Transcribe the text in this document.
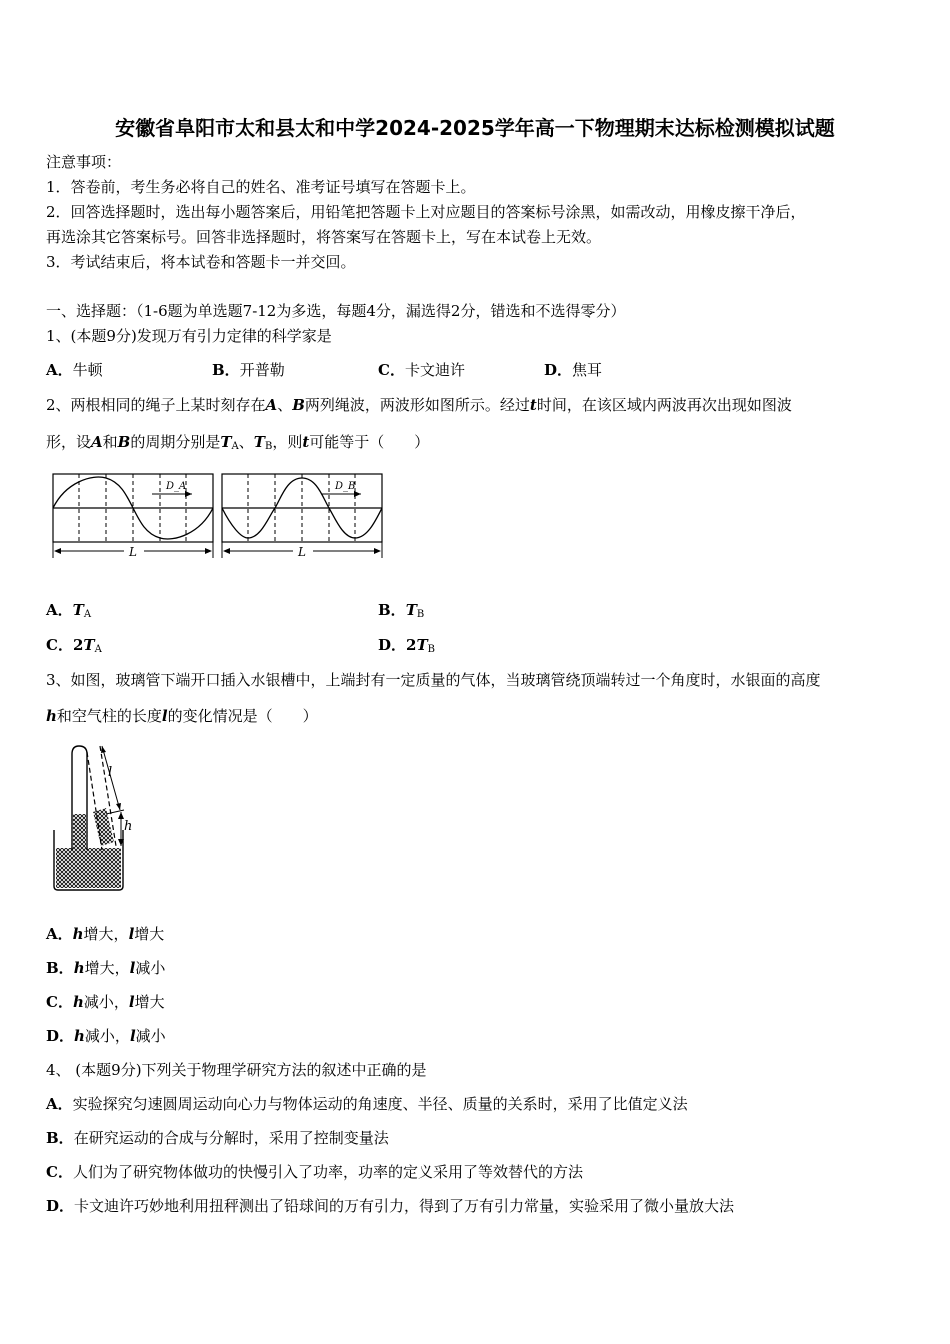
安徽省阜阳市太和县太和中学2024-2025学年高一下物理期末达标检测模拟试题
注意事项：
1．答卷前，考生务必将自己的姓名、准考证号填写在答题卡上。
2．回答选择题时，选出每小题答案后，用铅笔把答题卡上对应题目的答案标号涂黑，如需改动，用橡皮擦干净后，
再选涂其它答案标号。回答非选择题时，将答案写在答题卡上，写在本试卷上无效。
3．考试结束后，将本试卷和答题卡一并交回。
一、选择题：（1-6题为单选题7-12为多选，每题4分，漏选得2分，错选和不选得零分）
1、(本题9分)发现万有引力定律的科学家是
A．牛顿	B．开普勒	C．卡文迪许	D．焦耳
2、两根相同的绳子上某时刻存在A、B两列绳波，两波形如图所示。经过t时间，在该区域内两波再次出现如图波
形，设A和B的周期分别是$T_A$、$T_B$，则t可能等于（　　）
D_A
L
D_B
L
A．$T_A$	B．$T_B$
C．$2T_A$	D．$2T_B$
3、如图，玻璃管下端开口插入水银槽中，上端封有一定质量的气体，当玻璃管绕顶端转过一个角度时，水银面的高度
h和空气柱的长度l的变化情况是（　　）
l
h
A．h增大，l增大
B．h增大，l减小
C．h减小，l增大
D．h减小，l减小
4、 (本题9分)下列关于物理学研究方法的叙述中正确的是
A．实验探究匀速圆周运动向心力与物体运动的角速度、半径、质量的关系时，采用了比值定义法
B．在研究运动的合成与分解时，采用了控制变量法
C．人们为了研究物体做功的快慢引入了功率，功率的定义采用了等效替代的方法
D．卡文迪许巧妙地利用扭秤测出了铅球间的万有引力，得到了万有引力常量，实验采用了微小量放大法
